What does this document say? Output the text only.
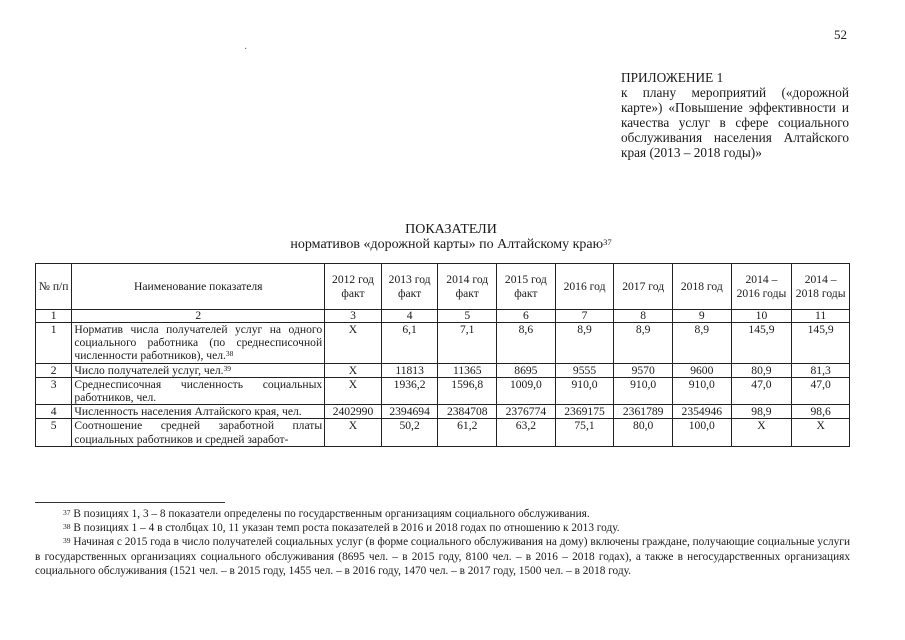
52
·

ПРИЛОЖЕНИЕ 1

к плану мероприятий («дорожной карте») «Повышение эффективности и качества услуг в сфере социального обслуживания населения Алтайского края (2013 – 2018 годы)»

ПОКАЗАТЕЛИ
нормативов «дорожной карты» по Алтайскому краю$^{37}$
№ п/п	Наименование показателя	2012 год факт	2013 год факт	2014 год факт	2015 год факт	2016 год	2017 год	2018 год	2014 – 2016 годы	2014 – 2018 годы
1	2	3	4	5	6	7	8	9	10	11
1	Норматив числа получателей услуг на одного социального работника (по среднесписочной численности работников), чел.$^{38}$	X	6,1	7,1	8,6	8,9	8,9	8,9	145,9	145,9
2	Число получателей услуг, чел.$^{39}$	X	11813	11365	8695	9555	9570	9600	80,9	81,3
3	Среднесписочная численность социальных работников, чел.	X	1936,2	1596,8	1009,0	910,0	910,0	910,0	47,0	47,0
4	Численность населения Алтайского края, чел.	2402990	2394694	2384708	2376774	2369175	2361789	2354946	98,9	98,6
5	Соотношение средней заработной платы социальных работников и средней заработ-	X	50,2	61,2	63,2	75,1	80,0	100,0	X	X

$^{37}$ В позициях 1, 3 – 8 показатели определены по государственным организациям социального обслуживания.

$^{38}$ В позициях 1 – 4 в столбцах 10, 11 указан темп роста показателей в 2016 и 2018 годах по отношению к 2013 году.

$^{39}$ Начиная с 2015 года в число получателей социальных услуг (в форме социального обслуживания на дому) включены граждане, получающие социальные услуги в государственных организациях социального обслуживания (8695 чел. – в 2015 году, 8100 чел. – в 2016 – 2018 годах), а также в негосударственных организациях социального обслуживания (1521 чел. – в 2015 году, 1455 чел. – в 2016 году, 1470 чел. – в 2017 году, 1500 чел. – в 2018 году.
